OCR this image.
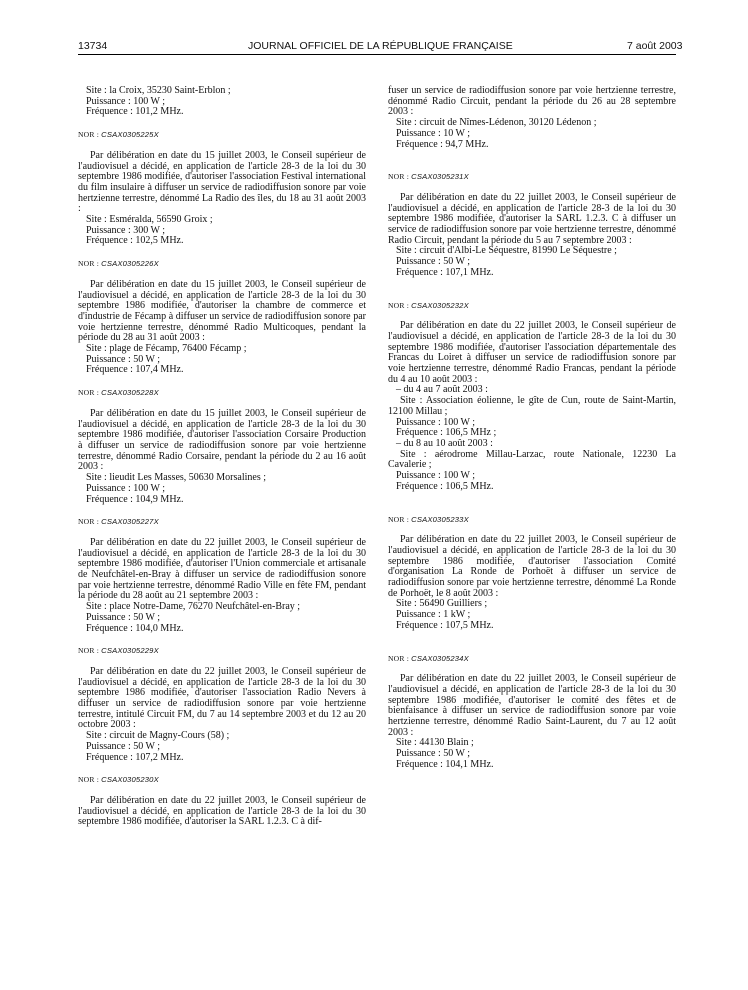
13734	JOURNAL OFFICIEL DE LA RÉPUBLIQUE FRANÇAISE	7 août 2003
Site : la Croix, 35230 Saint-Erblon ;
Puissance : 100 W ;
Fréquence : 101,2 MHz.

NOR : CSAX0305225X

Par délibération en date du 15 juillet 2003, le Conseil supérieur de l'audiovisuel a décidé, en application de l'article 28-3 de la loi du 30 septembre 1986 modifiée, d'autoriser l'association Festival international du film insulaire à diffuser un service de radiodiffusion sonore par voie hertzienne terrestre, dénommé La Radio des îles, du 18 au 31 août 2003 :

Site : Esméralda, 56590 Groix ;
Puissance : 300 W ;
Fréquence : 102,5 MHz.

NOR : CSAX0305226X

Par délibération en date du 15 juillet 2003, le Conseil supérieur de l'audiovisuel a décidé, en application de l'article 28-3 de la loi du 30 septembre 1986 modifiée, d'autoriser la chambre de commerce et d'industrie de Fécamp à diffuser un service de radiodiffusion sonore par voie hertzienne terrestre, dénommé Radio Multicoques, pendant la période du 28 au 31 août 2003 :

Site : plage de Fécamp, 76400 Fécamp ;
Puissance : 50 W ;
Fréquence : 107,4 MHz.

NOR : CSAX0305228X

Par délibération en date du 15 juillet 2003, le Conseil supérieur de l'audiovisuel a décidé, en application de l'article 28-3 de la loi du 30 septembre 1986 modifiée, d'autoriser l'association Corsaire Production à diffuser un service de radiodiffusion sonore par voie hertzienne terrestre, dénommé Radio Corsaire, pendant la période du 2 au 16 août 2003 :

Site : lieudit Les Masses, 50630 Morsalines ;
Puissance : 100 W ;
Fréquence : 104,9 MHz.

NOR : CSAX0305227X

Par délibération en date du 22 juillet 2003, le Conseil supérieur de l'audiovisuel a décidé, en application de l'article 28-3 de la loi du 30 septembre 1986 modifiée, d'autoriser l'Union commerciale et artisanale de Neufchâtel-en-Bray à diffuser un service de radiodiffusion sonore par voie hertzienne terrestre, dénommé Radio Ville en fête FM, pendant la période du 28 août au 21 septembre 2003 :

Site : place Notre-Dame, 76270 Neufchâtel-en-Bray ;
Puissance : 50 W ;
Fréquence : 104,0 MHz.

NOR : CSAX0305229X

Par délibération en date du 22 juillet 2003, le Conseil supérieur de l'audiovisuel a décidé, en application de l'article 28-3 de la loi du 30 septembre 1986 modifiée, d'autoriser l'association Radio Nevers à diffuser un service de radiodiffusion sonore par voie hertzienne terrestre, intitulé Circuit FM, du 7 au 14 septembre 2003 et du 12 au 20 octobre 2003 :

Site : circuit de Magny-Cours (58) ;
Puissance : 50 W ;
Fréquence : 107,2 MHz.

NOR : CSAX0305230X

Par délibération en date du 22 juillet 2003, le Conseil supérieur de l'audiovisuel a décidé, en application de l'article 28-3 de la loi du 30 septembre 1986 modifiée, d'autoriser la SARL 1.2.3. C à dif-

fuser un service de radiodiffusion sonore par voie hertzienne terrestre, dénommé Radio Circuit, pendant la période du 26 au 28 septembre 2003 :

Site : circuit de Nîmes-Lédenon, 30120 Lédenon ;
Puissance : 10 W ;
Fréquence : 94,7 MHz.

NOR : CSAX0305231X

Par délibération en date du 22 juillet 2003, le Conseil supérieur de l'audiovisuel a décidé, en application de l'article 28-3 de la loi du 30 septembre 1986 modifiée, d'autoriser la SARL 1.2.3. C à diffuser un service de radiodiffusion sonore par voie hertzienne terrestre, dénommé Radio Circuit, pendant la période du 5 au 7 septembre 2003 :

Site : circuit d'Albi-Le Séquestre, 81990 Le Séquestre ;
Puissance : 50 W ;
Fréquence : 107,1 MHz.

NOR : CSAX0305232X

Par délibération en date du 22 juillet 2003, le Conseil supérieur de l'audiovisuel a décidé, en application de l'article 28-3 de la loi du 30 septembre 1986 modifiée, d'autoriser l'association départementale des Francas du Loiret à diffuser un service de radiodiffusion sonore par voie hertzienne terrestre, dénommé Radio Francas, pendant la période du 4 au 10 août 2003 :

– du 4 au 7 août 2003 :

Site : Association éolienne, le gîte de Cun, route de Saint-Martin, 12100 Millau ;

Puissance : 100 W ;
Fréquence : 106,5 MHz ;
– du 8 au 10 août 2003 :

Site : aérodrome Millau-Larzac, route Nationale, 12230 La Cavalerie ;

Puissance : 100 W ;
Fréquence : 106,5 MHz.

NOR : CSAX0305233X

Par délibération en date du 22 juillet 2003, le Conseil supérieur de l'audiovisuel a décidé, en application de l'article 28-3 de la loi du 30 septembre 1986 modifiée, d'autoriser l'association Comité d'organisation La Ronde de Porhoët à diffuser un service de radiodiffusion sonore par voie hertzienne terrestre, dénommé La Ronde de Porhoët, le 8 août 2003 :

Site : 56490 Guilliers ;
Puissance : 1 kW ;
Fréquence : 107,5 MHz.

NOR : CSAX0305234X

Par délibération en date du 22 juillet 2003, le Conseil supérieur de l'audiovisuel a décidé, en application de l'article 28-3 de la loi du 30 septembre 1986 modifiée, d'autoriser le comité des fêtes et de bienfaisance à diffuser un service de radiodiffusion sonore par voie hertzienne terrestre, dénommé Radio Saint-Laurent, du 7 au 12 août 2003 :

Site : 44130 Blain ;
Puissance : 50 W ;
Fréquence : 104,1 MHz.
